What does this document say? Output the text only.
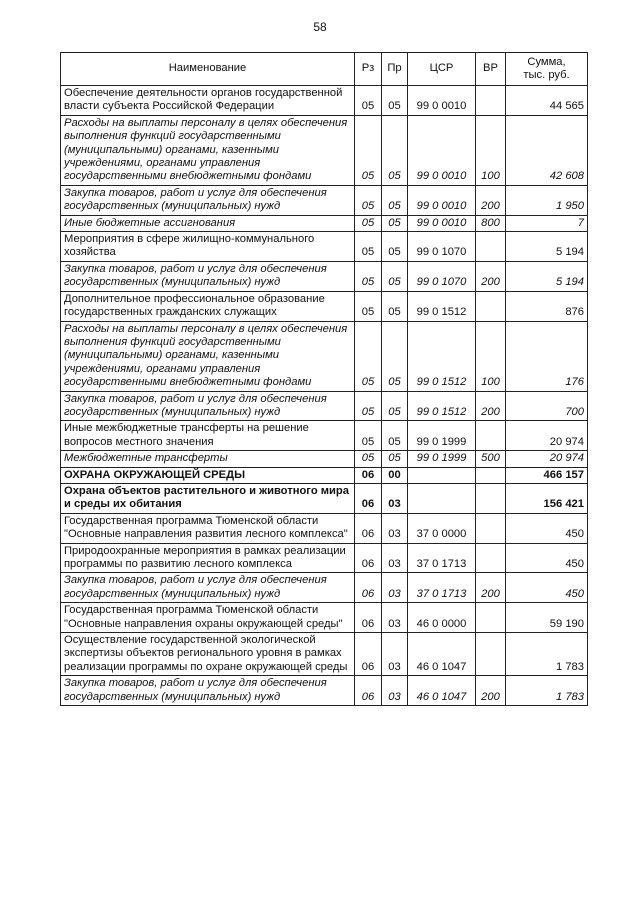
58
Наименование	Рз	Пр	ЦСР	ВР	Сумма,
тыс. руб.
Обеспечение деятельности органов государственной власти субъекта Российской Федерации	05	05	99 0 0010		44 565
Расходы на выплаты персоналу в целях обеспечения выполнения функций государственными (муниципальными) органами, казенными учреждениями, органами управления государственными внебюджетными фондами	05	05	99 0 0010	100	42 608
Закупка товаров, работ и услуг для обеспечения государственных (муниципальных) нужд	05	05	99 0 0010	200	1 950
Иные бюджетные ассигнования	05	05	99 0 0010	800	7
Мероприятия в сфере жилищно-коммунального хозяйства	05	05	99 0 1070		5 194
Закупка товаров, работ и услуг для обеспечения государственных (муниципальных) нужд	05	05	99 0 1070	200	5 194
Дополнительное профессиональное образование государственных гражданских служащих	05	05	99 0 1512		876
Расходы на выплаты персоналу в целях обеспечения выполнения функций государственными (муниципальными) органами, казенными учреждениями, органами управления государственными внебюджетными фондами	05	05	99 0 1512	100	176
Закупка товаров, работ и услуг для обеспечения государственных (муниципальных) нужд	05	05	99 0 1512	200	700
Иные межбюджетные трансферты на решение вопросов местного значения	05	05	99 0 1999		20 974
Межбюджетные трансферты	05	05	99 0 1999	500	20 974
ОХРАНА ОКРУЖАЮЩЕЙ СРЕДЫ	06	00			466 157
Охрана объектов растительного и животного мира и среды их обитания	06	03			156 421
Государственная программа Тюменской области "Основные направления развития лесного комплекса"	06	03	37 0 0000		450
Природоохранные мероприятия в рамках реализации программы по развитию лесного комплекса	06	03	37 0 1713		450
Закупка товаров, работ и услуг для обеспечения государственных (муниципальных) нужд	06	03	37 0 1713	200	450
Государственная программа Тюменской области "Основные направления охраны окружающей среды"	06	03	46 0 0000		59 190
Осуществление государственной экологической экспертизы объектов регионального уровня в рамках реализации программы по охране окружающей среды	06	03	46 0 1047		1 783
Закупка товаров, работ и услуг для обеспечения государственных (муниципальных) нужд	06	03	46 0 1047	200	1 783
